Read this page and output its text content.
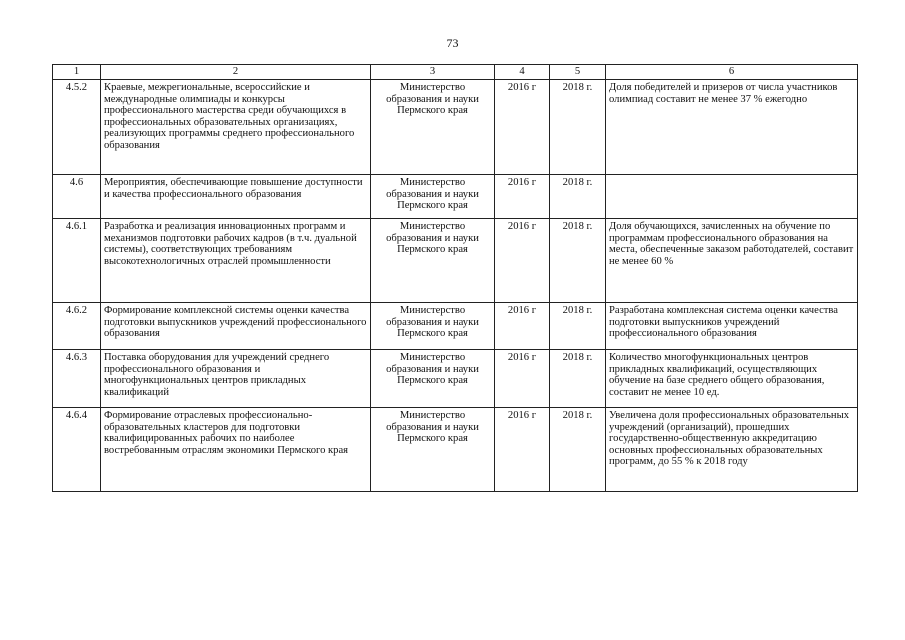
73
1	2	3	4	5	6
4.5.2	Краевые, межрегиональные, всероссийские и международные олимпиады и конкурсы профессионального мастерства среди обучающихся в профессиональных образовательных организациях, реализующих программы среднего профессионального образования	Министерство образования и науки Пермского края	2016 г	2018 г.	Доля победителей и призеров от числа участников олимпиад составит не менее 37 % ежегодно
4.6	Мероприятия, обеспечивающие повышение доступности и качества профессионального образования	Министерство образования и науки Пермского края	2016 г	2018 г.	
4.6.1	Разработка и реализация инновационных программ и механизмов подготовки рабочих кадров (в т.ч. дуальной системы), соответствующих требованиям высокотехнологичных отраслей промышленности	Министерство образования и науки Пермского края	2016 г	2018 г.	Доля обучающихся, зачисленных на обучение по программам профессионального образования на места, обеспеченные заказом работодателей, составит не менее 60 %
4.6.2	Формирование комплексной системы оценки качества подготовки выпускников учреждений профессионального образования	Министерство образования и науки Пермского края	2016 г	2018 г.	Разработана комплексная система оценки качества подготовки выпускников учреждений профессионального образования
4.6.3	Поставка оборудования для учреждений среднего профессионального образования и многофункциональных центров прикладных квалификаций	Министерство образования и науки Пермского края	2016 г	2018 г.	Количество многофункциональных центров прикладных квалификаций, осуществляющих обучение на базе среднего общего образования, составит не менее 10 ед.
4.6.4	Формирование отраслевых профессионально-образовательных кластеров для подготовки квалифицированных рабочих по наиболее востребованным отраслям экономики Пермского края	Министерство образования и науки Пермского края	2016 г	2018 г.	Увеличена доля профессиональных образовательных учреждений (организаций), прошедших государственно-общественную аккредитацию основных профессиональных образовательных программ, до 55 % к 2018 году
